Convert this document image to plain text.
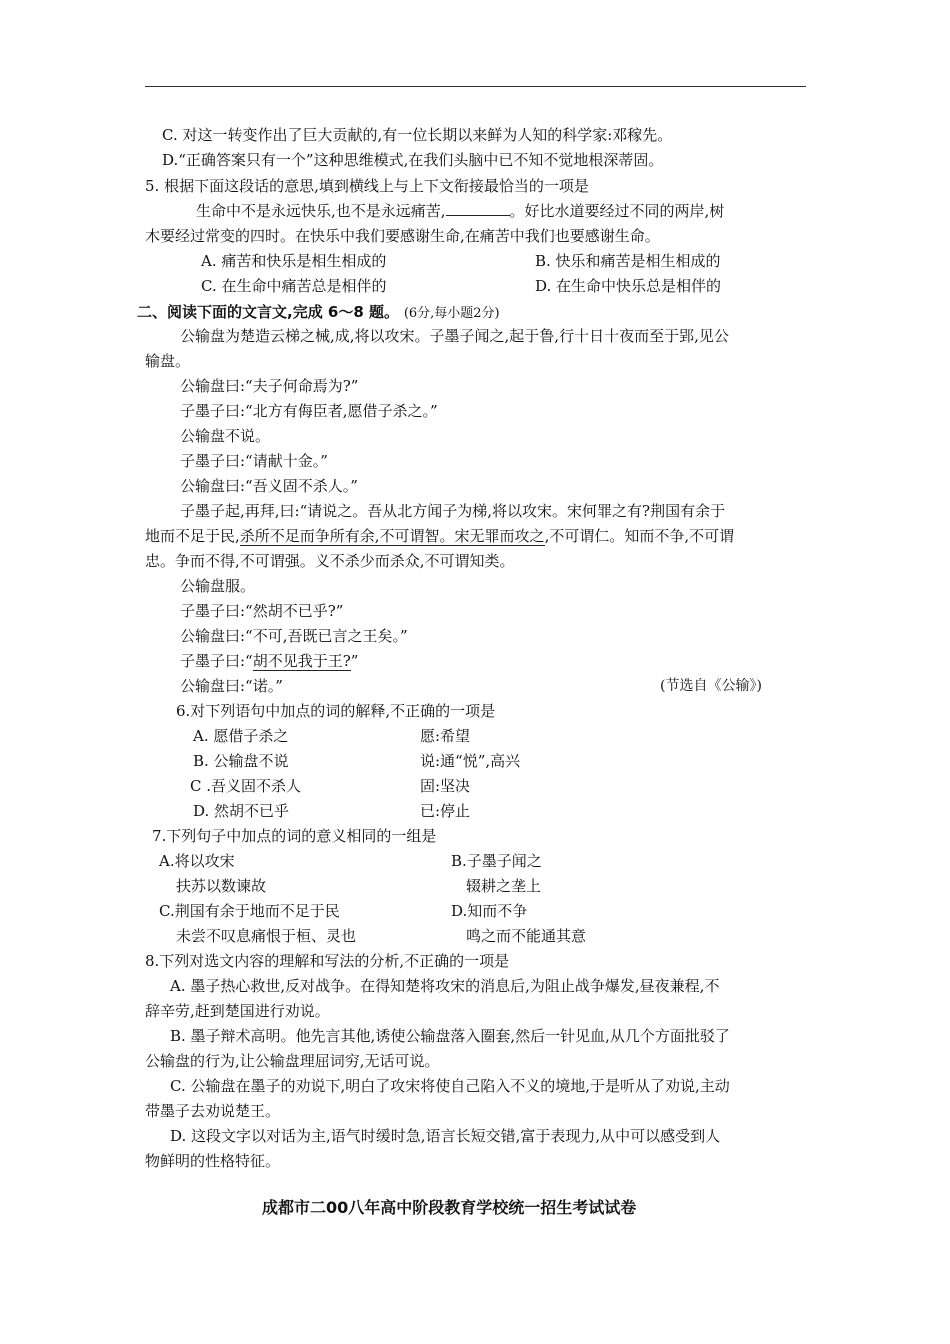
C. 对这一转变作出了巨大贡献的,有一位长期以来鲜为人知的科学家:邓稼先。
D.“正确答案只有一个”这种思维模式,在我们头脑中已不知不觉地根深蒂固。
5. 根据下面这段话的意思,填到横线上与上下文衔接最恰当的一项是
生命中不是永远快乐,也不是永远痛苦,	。好比水道要经过不同的两岸,树
木要经过常变的四时。在快乐中我们要感谢生命,在痛苦中我们也要感谢生命。
A. 痛苦和快乐是相生相成的	B. 快乐和痛苦是相生相成的
C. 在生命中痛苦总是相伴的	D. 在生命中快乐总是相伴的
二、阅读下面的文言文,完成 6～8 题。 (6分,每小题2分)
公输盘为楚造云梯之械,成,将以攻宋。子墨子闻之,起于鲁,行十日十夜而至于郢,见公
输盘。
公输盘曰:“夫子何命焉为?”
子墨子曰:“北方有侮臣者,愿借子杀之。”
公输盘不说。
子墨子曰:“请献十金。”
公输盘曰:“吾义固不杀人。”
子墨子起,再拜,曰:“请说之。吾从北方闻子为梯,将以攻宋。宋何罪之有?荆国有余于
地而不足于民,杀所不足而争所有余,不可谓智。宋无罪而攻之,不可谓仁。知而不争,不可谓
忠。争而不得,不可谓强。义不杀少而杀众,不可谓知类。
公输盘服。
子墨子曰:“然胡不已乎?”
公输盘曰:“不可,吾既已言之王矣。”
子墨子曰:“胡不见我于王?”
公输盘曰:“诺。”	(节选自《公输》)
6.对下列语句中加点的词的解释,不正确的一项是
A. 愿借子杀之	愿:希望
B. 公输盘不说	说:通“悦”,高兴
C .吾义固不杀人	固:坚决
D. 然胡不已乎	已:停止
7.下列句子中加点的词的意义相同的一组是
A.将以攻宋	B.子墨子闻之
扶苏以数谏故	辍耕之垄上
C.荆国有余于地而不足于民	D.知而不争
未尝不叹息痛恨于桓、灵也	鸣之而不能通其意
8.下列对选文内容的理解和写法的分析,不正确的一项是
A. 墨子热心救世,反对战争。在得知楚将攻宋的消息后,为阻止战争爆发,昼夜兼程,不
辞辛劳,赶到楚国进行劝说。
B. 墨子辩术高明。他先言其他,诱使公输盘落入圈套,然后一针见血,从几个方面批驳了
公输盘的行为,让公输盘理屈词穷,无话可说。
C. 公输盘在墨子的劝说下,明白了攻宋将使自己陷入不义的境地,于是听从了劝说,主动
带墨子去劝说楚王。
D. 这段文字以对话为主,语气时缓时急,语言长短交错,富于表现力,从中可以感受到人
物鲜明的性格特征。
成都市二00八年高中阶段教育学校统一招生考试试卷
